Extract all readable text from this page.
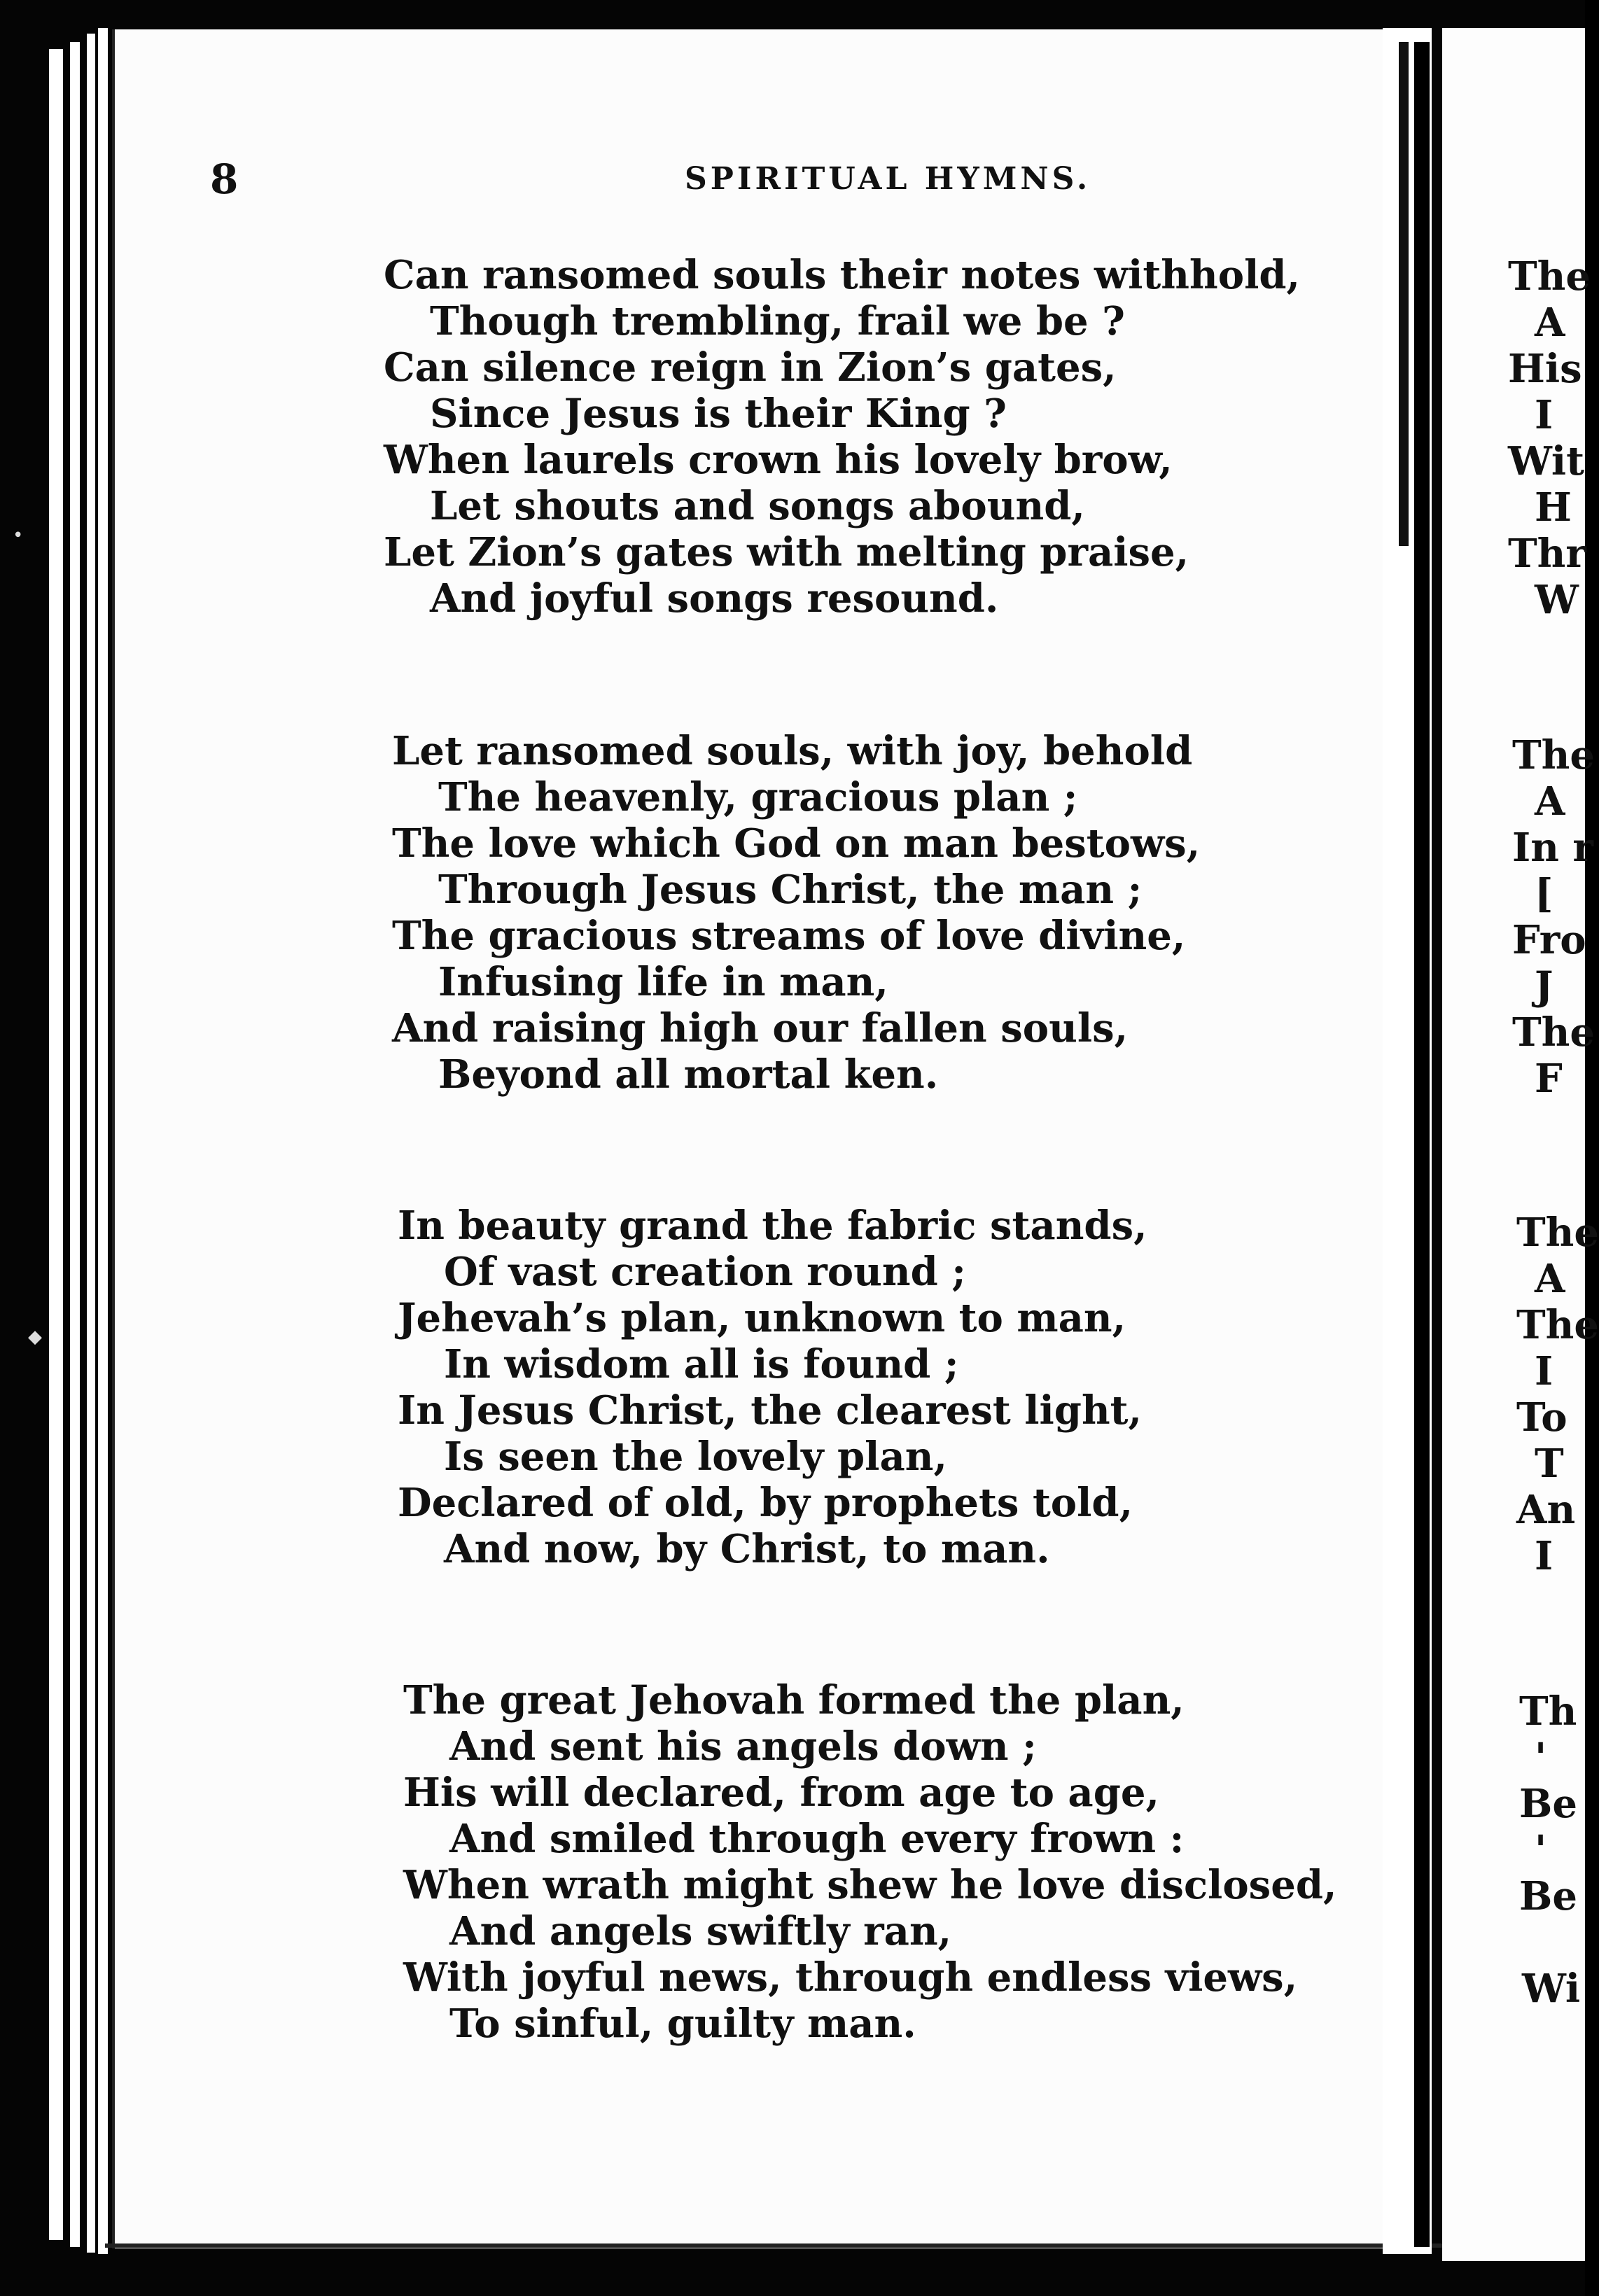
8	SPIRITUAL HYMNS.
Can ransomed souls their notes withhold,
Though trembling, frail we be ?
Can silence reign in Zion’s gates,
Since Jesus is their King ?
When laurels crown his lovely brow,
Let shouts and songs abound,
Let Zion’s gates with melting praise,
And joyful songs resound.
Let ransomed souls, with joy, behold
The heavenly, gracious plan ;
The love which God on man bestows,
Through Jesus Christ, the man ;
The gracious streams of love divine,
Infusing life in man,
And raising high our fallen souls,
Beyond all mortal ken.
In beauty grand the fabric stands,
Of vast creation round ;
Jehevah’s plan, unknown to man,
In wisdom all is found ;
In Jesus Christ, the clearest light,
Is seen the lovely plan,
Declared of old, by prophets told,
And now, by Christ, to man.
The great Jehovah formed the plan,
And sent his angels down ;
His will declared, from age to age,
And smiled through every frown :
When wrath might shew he love disclosed,
And angels swiftly ran,
With joyful news, through endless views,
To sinful, guilty man.
The
A
His
I
Wit
H
Thr
W
The
A
In r
[
Fro
J
The
F
The
A
The
I
To
T
An
I
Th
'
Be
'
Be
Wi
•
◆
